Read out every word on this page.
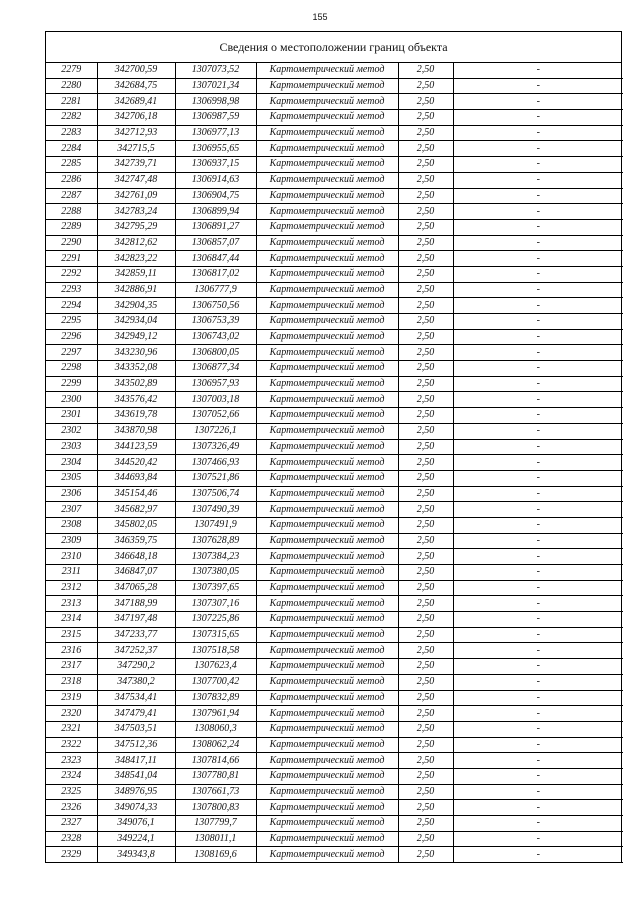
155
Сведения о местоположении границ объекта
2279	342700,59	1307073,52	Картометрический метод	2,50	-
2280	342684,75	1307021,34	Картометрический метод	2,50	-
2281	342689,41	1306998,98	Картометрический метод	2,50	-
2282	342706,18	1306987,59	Картометрический метод	2,50	-
2283	342712,93	1306977,13	Картометрический метод	2,50	-
2284	342715,5	1306955,65	Картометрический метод	2,50	-
2285	342739,71	1306937,15	Картометрический метод	2,50	-
2286	342747,48	1306914,63	Картометрический метод	2,50	-
2287	342761,09	1306904,75	Картометрический метод	2,50	-
2288	342783,24	1306899,94	Картометрический метод	2,50	-
2289	342795,29	1306891,27	Картометрический метод	2,50	-
2290	342812,62	1306857,07	Картометрический метод	2,50	-
2291	342823,22	1306847,44	Картометрический метод	2,50	-
2292	342859,11	1306817,02	Картометрический метод	2,50	-
2293	342886,91	1306777,9	Картометрический метод	2,50	-
2294	342904,35	1306750,56	Картометрический метод	2,50	-
2295	342934,04	1306753,39	Картометрический метод	2,50	-
2296	342949,12	1306743,02	Картометрический метод	2,50	-
2297	343230,96	1306800,05	Картометрический метод	2,50	-
2298	343352,08	1306877,34	Картометрический метод	2,50	-
2299	343502,89	1306957,93	Картометрический метод	2,50	-
2300	343576,42	1307003,18	Картометрический метод	2,50	-
2301	343619,78	1307052,66	Картометрический метод	2,50	-
2302	343870,98	1307226,1	Картометрический метод	2,50	-
2303	344123,59	1307326,49	Картометрический метод	2,50	-
2304	344520,42	1307466,93	Картометрический метод	2,50	-
2305	344693,84	1307521,86	Картометрический метод	2,50	-
2306	345154,46	1307506,74	Картометрический метод	2,50	-
2307	345682,97	1307490,39	Картометрический метод	2,50	-
2308	345802,05	1307491,9	Картометрический метод	2,50	-
2309	346359,75	1307628,89	Картометрический метод	2,50	-
2310	346648,18	1307384,23	Картометрический метод	2,50	-
2311	346847,07	1307380,05	Картометрический метод	2,50	-
2312	347065,28	1307397,65	Картометрический метод	2,50	-
2313	347188,99	1307307,16	Картометрический метод	2,50	-
2314	347197,48	1307225,86	Картометрический метод	2,50	-
2315	347233,77	1307315,65	Картометрический метод	2,50	-
2316	347252,37	1307518,58	Картометрический метод	2,50	-
2317	347290,2	1307623,4	Картометрический метод	2,50	-
2318	347380,2	1307700,42	Картометрический метод	2,50	-
2319	347534,41	1307832,89	Картометрический метод	2,50	-
2320	347479,41	1307961,94	Картометрический метод	2,50	-
2321	347503,51	1308060,3	Картометрический метод	2,50	-
2322	347512,36	1308062,24	Картометрический метод	2,50	-
2323	348417,11	1307814,66	Картометрический метод	2,50	-
2324	348541,04	1307780,81	Картометрический метод	2,50	-
2325	348976,95	1307661,73	Картометрический метод	2,50	-
2326	349074,33	1307800,83	Картометрический метод	2,50	-
2327	349076,1	1307799,7	Картометрический метод	2,50	-
2328	349224,1	1308011,1	Картометрический метод	2,50	-
2329	349343,8	1308169,6	Картометрический метод	2,50	-
